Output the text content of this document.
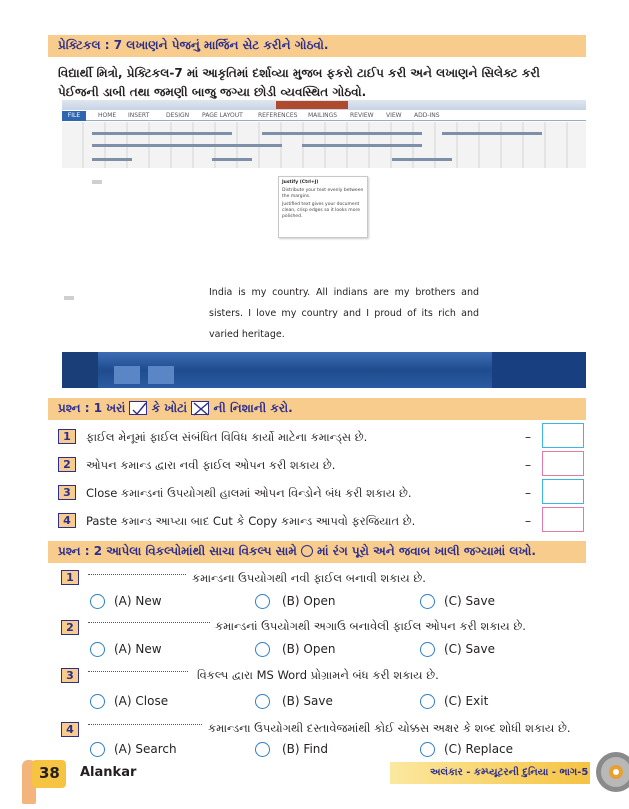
પ્રેક્ટિકલ : 7 લખાણને પેજનું માર્જિન સેટ કરીને ગોઠવો.
વિદ્યાર્થી મિત્રો, પ્રેક્ટિકલ-7 માં આકૃતિમાં દર્શાવ્યા મુજબ ફકરો ટાઈપ કરી અને લખાણને સિલેક્ટ કરી પેઈજની ડાબી તથા જમણી બાજુ જગ્યા છોડી વ્યવસ્થિત ગોઠવો.
FILE	HOME INSERT	DESIGN PAGE LAYOUT	REFERENCES MAILINGS REVIEW VIEW ADD-INS
Justify (Ctrl+J)

Distribute your text evenly between the margins.

Justified text gives your document clean, crisp edges so it looks more polished.

India is my country. All indians are my brothers and sisters. I love my country and I proud of its rich and varied heritage.
પ્રશ્ન : 1 ખરાં કે ખોટાં ☒ ની નિશાની કરો.
1	ફાઈલ મેનૂમાં ફાઈલ સંબંધિત વિવિધ કાર્યો માટેના કમાન્ડ્સ છે.	–
2	ઓપન કમાન્ડ દ્વારા નવી ફાઈલ ઓપન કરી શકાય છે.	–
3	Close કમાન્ડનાં ઉપયોગથી હાલમાં ઓપન વિન્ડોને બંધ કરી શકાય છે.	–
4	Paste કમાન્ડ આપ્યા બાદ Cut કે Copy કમાન્ડ આપવો ફરજિયાત છે.	–
પ્રશ્ન : 2 આપેલા વિકલ્પોમાંથી સાચા વિકલ્પ સામે માં રંગ પૂરો અને જવાબ ખાલી જગ્યામાં લખો.
1	કમાન્ડના ઉપયોગથી નવી ફાઈલ બનાવી શકાય છે.
(A) New	(B) Open	(C) Save
2	કમાન્ડનાં ઉપયોગથી અગાઉ બનાવેલી ફાઈલ ઓપન કરી શકાય છે.
(A) New	(B) Open	(C) Save
3	વિકલ્પ દ્વારા MS Word પ્રોગ્રામને બંધ કરી શકાય છે.
(A) Close	(B) Save	(C) Exit
4	કમાન્ડના ઉપયોગથી દસ્તાવેજમાંથી કોઈ ચોક્કસ અક્ષર કે શબ્દ શોધી શકાય છે.
(A) Search	(B) Find	(C) Replace
38 Alankar	અલંકાર - કમ્પ્યૂટરની દુનિયા - ભાગ-5
